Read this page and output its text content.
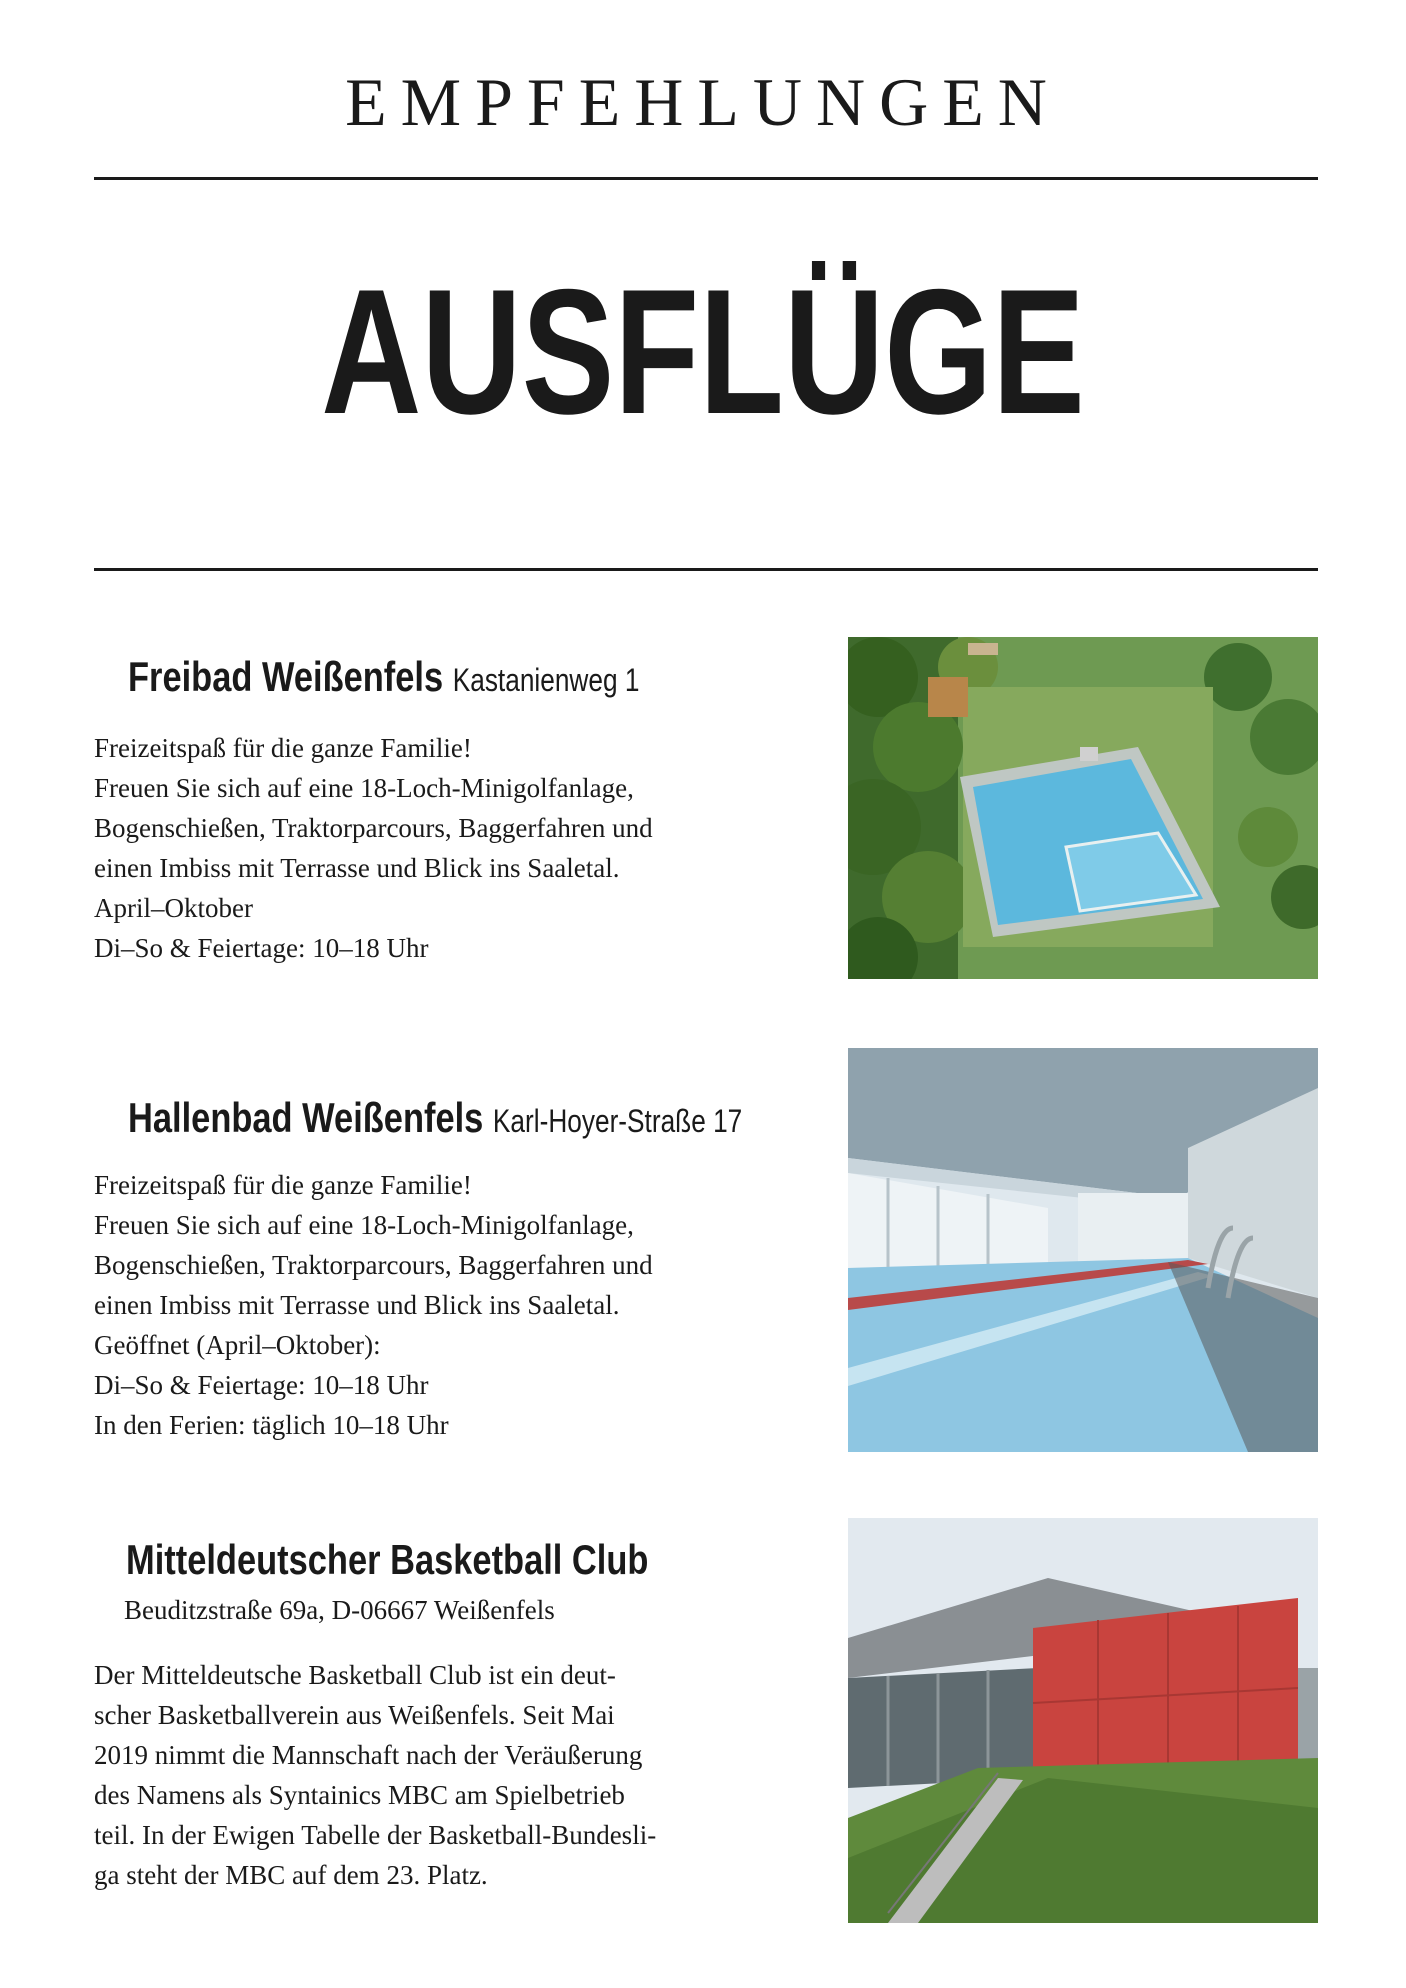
EMPFEHLUNGEN
AUSFLÜGE
Freibad Weißenfels Kastanienweg 1
Freizeitspaß für die ganze Familie!
Freuen Sie sich auf eine 18-Loch-Minigolfanlage,
Bogenschießen, Traktorparcours, Baggerfahren und
einen Imbiss mit Terrasse und Blick ins Saaletal.
April–Oktober
Di–So & Feiertage: 10–18 Uhr
Hallenbad Weißenfels Karl-Hoyer-Straße 17
Freizeitspaß für die ganze Familie!
Freuen Sie sich auf eine 18-Loch-Minigolfanlage,
Bogenschießen, Traktorparcours, Baggerfahren und
einen Imbiss mit Terrasse und Blick ins Saaletal.
Geöffnet (April–Oktober):
Di–So & Feiertage: 10–18 Uhr
In den Ferien: täglich 10–18 Uhr
Mitteldeutscher Basketball Club
Beuditzstraße 69a, D-06667 Weißenfels
Der Mitteldeutsche Basketball Club ist ein deut-
scher Basketballverein aus Weißenfels. Seit Mai
2019 nimmt die Mannschaft nach der Veräußerung
des Namens als Syntainics MBC am Spielbetrieb
teil. In der Ewigen Tabelle der Basketball-Bundesli-
ga steht der MBC auf dem 23. Platz.
